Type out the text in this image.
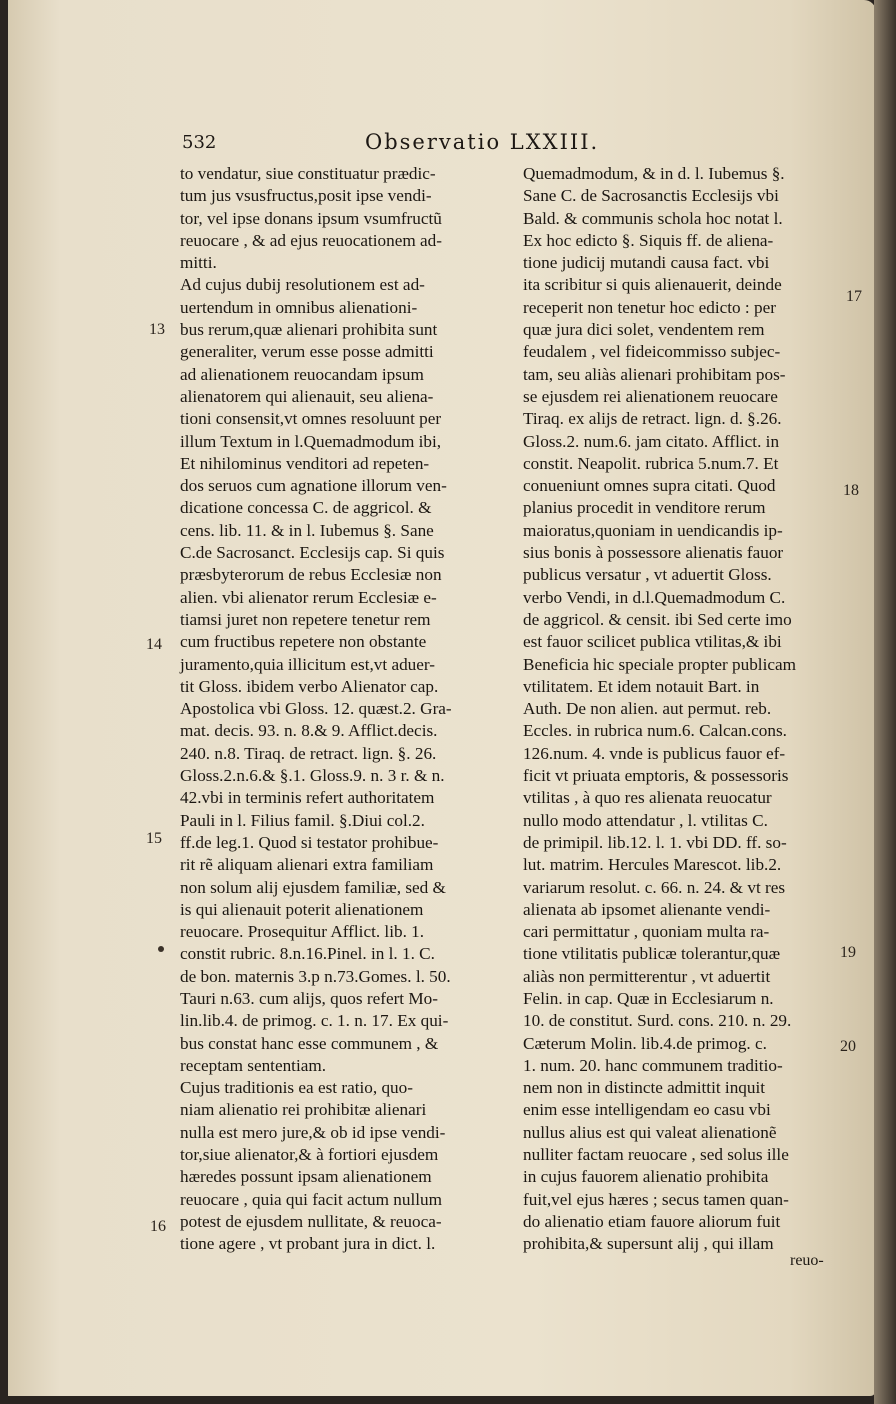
532	Observatio LXXIII.
to vendatur, siue constituatur prædic-
tum jus vsusfructus,posit ipse vendi-
tor, vel ipse donans ipsum vsumfructũ
reuocare , & ad ejus reuocationem ad-
mitti.
Ad cujus dubij resolutionem est ad-
uertendum in omnibus alienationi-
bus rerum,quæ alienari prohibita sunt
generaliter, verum esse posse admitti
ad alienationem reuocandam ipsum
alienatorem qui alienauit, seu aliena-
tioni consensit,vt omnes resoluunt per
illum Textum in l.Quemadmodum ibi,
Et nihilominus venditori ad repeten-
dos seruos cum agnatione illorum ven-
dicatione concessa C. de aggricol. &
cens. lib. 11. & in l. Iubemus §. Sane
C.de Sacrosanct. Ecclesijs cap. Si quis
præsbyterorum de rebus Ecclesiæ non
alien. vbi alienator rerum Ecclesiæ e-
tiamsi juret non repetere tenetur rem
cum fructibus repetere non obstante
juramento,quia illicitum est,vt aduer-
tit Gloss. ibidem verbo Alienator cap.
Apostolica vbi Gloss. 12. quæst.2. Gra-
mat. decis. 93. n. 8.& 9. Afflict.decis.
240. n.8. Tiraq. de retract. lign. §. 26.
Gloss.2.n.6.& §.1. Gloss.9. n. 3 r. & n.
42.vbi in terminis refert authoritatem
Pauli in l. Filius famil. §.Diui col.2.
ff.de leg.1. Quod si testator prohibue-
rit rẽ aliquam alienari extra familiam
non solum alij ejusdem familiæ, sed &
is qui alienauit poterit alienationem
reuocare. Prosequitur Afflict. lib. 1.
constit rubric. 8.n.16.Pinel. in l. 1. C.
de bon. maternis 3.p n.73.Gomes. l. 50.
Tauri n.63. cum alijs, quos refert Mo-
lin.lib.4. de primog. c. 1. n. 17. Ex qui-
bus constat hanc esse communem , &
receptam sententiam.
Cujus traditionis ea est ratio, quo-
niam alienatio rei prohibitæ alienari
nulla est mero jure,& ob id ipse vendi-
tor,siue alienator,& à fortiori ejusdem
hæredes possunt ipsam alienationem
reuocare , quia qui facit actum nullum
potest de ejusdem nullitate, & reuoca-
tione agere , vt probant jura in dict. l.
Quemadmodum, & in d. l. Iubemus §.
Sane C. de Sacrosanctis Ecclesijs vbi
Bald. & communis schola hoc notat l.
Ex hoc edicto §. Siquis ff. de aliena-
tione judicij mutandi causa fact. vbi
ita scribitur si quis alienauerit, deinde
receperit non tenetur hoc edicto : per
quæ jura dici solet, vendentem rem
feudalem , vel fideicommisso subjec-
tam, seu aliàs alienari prohibitam pos-
se ejusdem rei alienationem reuocare
Tiraq. ex alijs de retract. lign. d. §.26.
Gloss.2. num.6. jam citato. Afflict. in
constit. Neapolit. rubrica 5.num.7. Et
conueniunt omnes supra citati. Quod
planius procedit in venditore rerum
maioratus,quoniam in uendicandis ip-
sius bonis à possessore alienatis fauor
publicus versatur , vt aduertit Gloss.
verbo Vendi, in d.l.Quemadmodum C.
de aggricol. & censit. ibi Sed certe imo
est fauor scilicet publica vtilitas,& ibi
Beneficia hic speciale propter publicam
vtilitatem. Et idem notauit Bart. in
Auth. De non alien. aut permut. reb.
Eccles. in rubrica num.6. Calcan.cons.
126.num. 4. vnde is publicus fauor ef-
ficit vt priuata emptoris, & possessoris
vtilitas , à quo res alienata reuocatur
nullo modo attendatur , l. vtilitas C.
de primipil. lib.12. l. 1. vbi DD. ff. so-
lut. matrim. Hercules Marescot. lib.2.
variarum resolut. c. 66. n. 24. & vt res
alienata ab ipsomet alienante vendi-
cari permittatur , quoniam multa ra-
tione vtilitatis publicæ tolerantur,quæ
aliàs non permitterentur , vt aduertit
Felin. in cap. Quæ in Ecclesiarum n.
10. de constitut. Surd. cons. 210. n. 29.
Cæterum Molin. lib.4.de primog. c.
1. num. 20. hanc communem traditio-
nem non in distincte admittit inquit
enim esse intelligendam eo casu vbi
nullus alius est qui valeat alienationẽ
nulliter factam reuocare , sed solus ille
in cujus fauorem alienatio prohibita
fuit,vel ejus hæres ; secus tamen quan-
do alienatio etiam fauore aliorum fuit
prohibita,& supersunt alij , qui illam
13
14
15
16
17
18
19
20
reuo-
